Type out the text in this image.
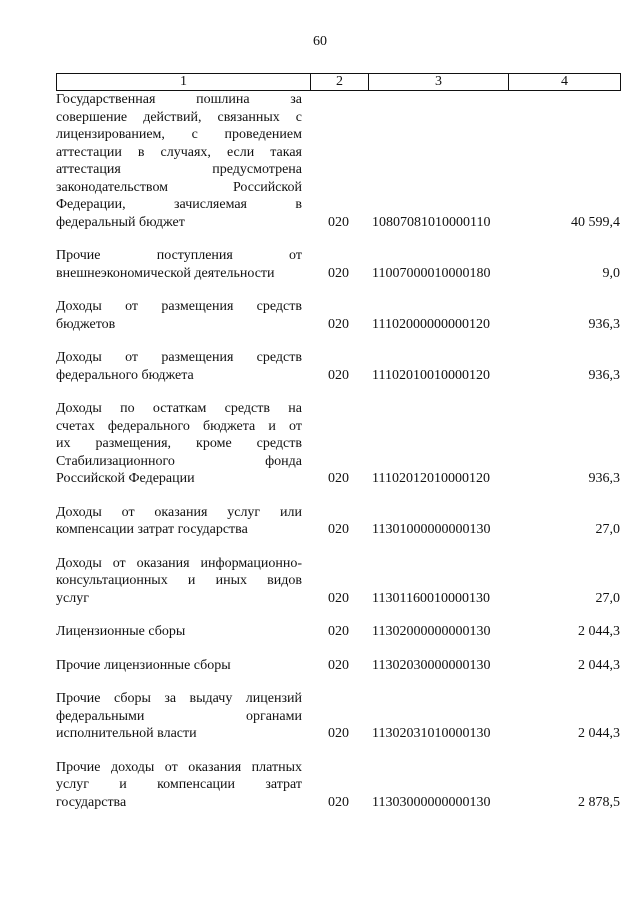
60
1	2	3	4
Государственная пошлина за
совершение действий, связанных с
лицензированием, с проведением
аттестации в случаях, если такая
аттестация предусмотрена
законодательством Российской
Федерации, зачисляемая в
федеральный бюджет	020	10807081010000110	40 599,4
Прочие поступления от
внешнеэкономической деятельности	020	11007000010000180	9,0
Доходы от размещения средств
бюджетов	020	11102000000000120	936,3
Доходы от размещения средств
федерального бюджета	020	11102010010000120	936,3
Доходы по остаткам средств на
счетах федерального бюджета и от
их размещения, кроме средств
Стабилизационного фонда
Российской Федерации	020	11102012010000120	936,3
Доходы от оказания услуг или
компенсации затрат государства	020	11301000000000130	27,0
Доходы от оказания информационно-
консультационных и иных видов
услуг	020	11301160010000130	27,0
Лицензионные сборы	020	11302000000000130	2 044,3
Прочие лицензионные сборы	020	11302030000000130	2 044,3
Прочие сборы за выдачу лицензий
федеральными органами
исполнительной власти	020	11302031010000130	2 044,3
Прочие доходы от оказания платных
услуг и компенсации затрат
государства	020	11303000000000130	2 878,5
